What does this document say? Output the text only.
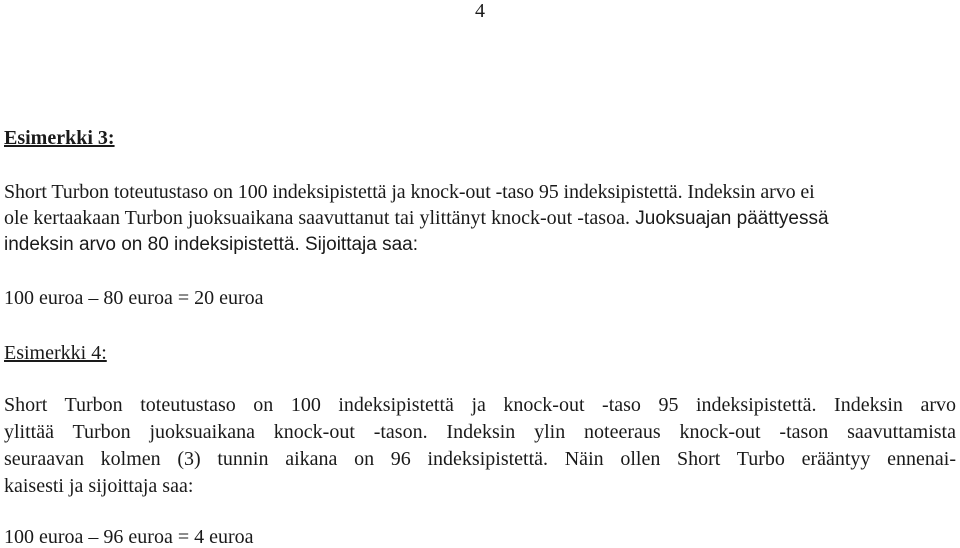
4
Esimerkki 3:
Short Turbon toteutustaso on 100 indeksipistettä ja knock-out -taso 95 indeksipistettä. Indeksin arvo ei
ole kertaakaan Turbon juoksuaikana saavuttanut tai ylittänyt knock-out -tasoa. Juoksuajan päättyessä
indeksin arvo on 80 indeksipistettä. Sijoittaja saa:
100 euroa – 80 euroa = 20 euroa
Esimerkki 4:
Short Turbon toteutustaso on 100 indeksipistettä ja knock-out -taso 95 indeksipistettä. Indeksin arvo
ylittää Turbon juoksuaikana knock-out -tason. Indeksin ylin noteeraus knock-out -tason saavuttamista
seuraavan kolmen (3) tunnin aikana on 96 indeksipistettä. Näin ollen Short Turbo erääntyy ennenai-
kaisesti ja sijoittaja saa:
100 euroa – 96 euroa = 4 euroa
